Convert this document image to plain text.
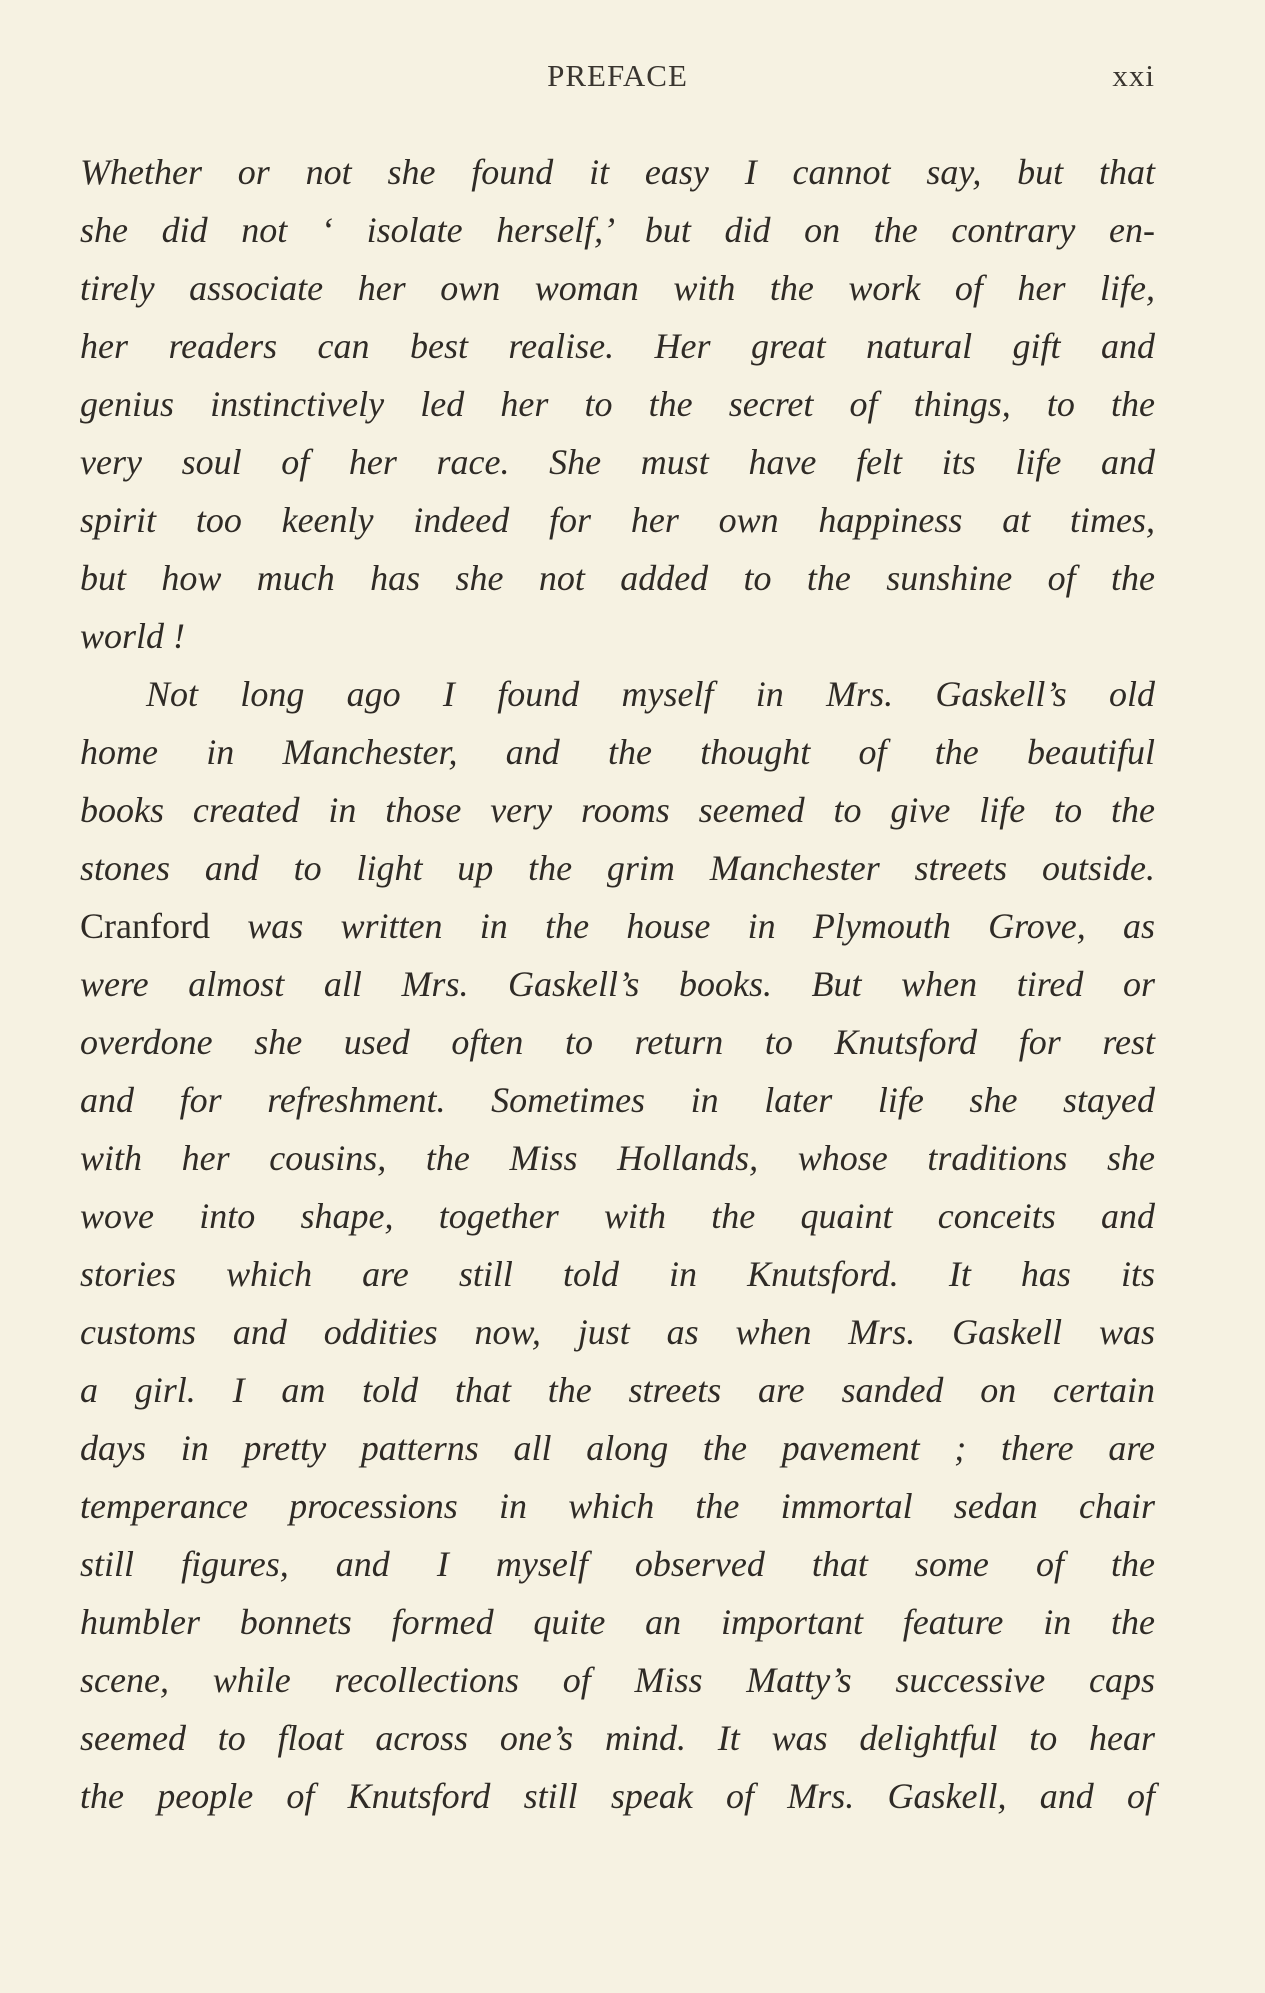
PREFACE	xxi
Whether or not she found it easy I cannot say, but that
she did not ‘ isolate herself,’ but did on the contrary en-
tirely associate her own woman with the work of her life,
her readers can best realise. Her great natural gift and
genius instinctively led her to the secret of things, to the
very soul of her race. She must have felt its life and
spirit too keenly indeed for her own happiness at times,
but how much has she not added to the sunshine of the
world !
Not long ago I found myself in Mrs. Gaskell’s old
home in Manchester, and the thought of the beautiful
books created in those very rooms seemed to give life to the
stones and to light up the grim Manchester streets outside.
Cranford was written in the house in Plymouth Grove, as
were almost all Mrs. Gaskell’s books. But when tired or
overdone she used often to return to Knutsford for rest
and for refreshment. Sometimes in later life she stayed
with her cousins, the Miss Hollands, whose traditions she
wove into shape, together with the quaint conceits and
stories which are still told in Knutsford. It has its
customs and oddities now, just as when Mrs. Gaskell was
a girl. I am told that the streets are sanded on certain
days in pretty patterns all along the pavement ; there are
temperance processions in which the immortal sedan chair
still figures, and I myself observed that some of the
humbler bonnets formed quite an important feature in the
scene, while recollections of Miss Matty’s successive caps
seemed to float across one’s mind. It was delightful to hear
the people of Knutsford still speak of Mrs. Gaskell, and of
